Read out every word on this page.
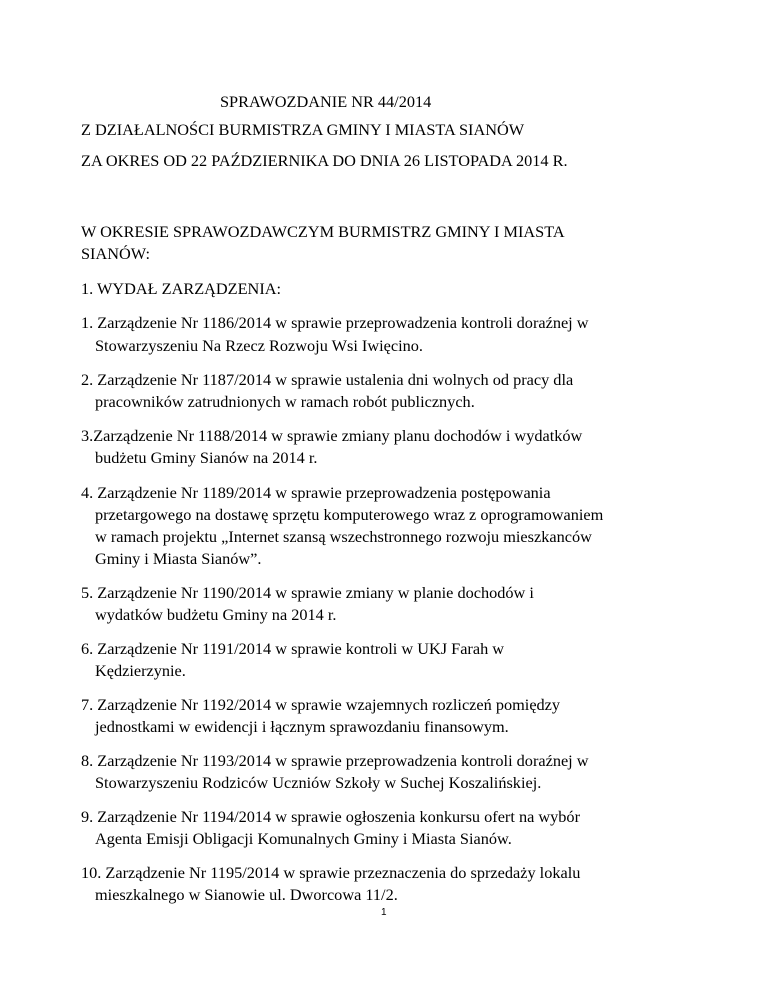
SPRAWOZDANIE NR 44/2014
Z DZIAŁALNOŚCI BURMISTRZA GMINY I MIASTA SIANÓW
ZA OKRES OD 22 PAŹDZIERNIKA DO DNIA 26 LISTOPADA 2014 R.
W OKRESIE SPRAWOZDAWCZYM BURMISTRZ GMINY I MIASTA
SIANÓW:
1. WYDAŁ ZARZĄDZENIA:
1. Zarządzenie Nr 1186/2014 w sprawie przeprowadzenia kontroli doraźnej w
Stowarzyszeniu Na Rzecz Rozwoju Wsi Iwięcino.
2. Zarządzenie Nr 1187/2014 w sprawie ustalenia dni wolnych od pracy dla
pracowników zatrudnionych w ramach robót publicznych.
3.Zarządzenie Nr 1188/2014 w sprawie zmiany planu dochodów i wydatków
budżetu Gminy Sianów na 2014 r.
4. Zarządzenie Nr 1189/2014 w sprawie przeprowadzenia postępowania
przetargowego na dostawę sprzętu komputerowego wraz z oprogramowaniem
w ramach projektu „Internet szansą wszechstronnego rozwoju mieszkanców
Gminy i Miasta Sianów”.
5. Zarządzenie Nr 1190/2014 w sprawie zmiany w planie dochodów i
wydatków budżetu Gminy na 2014 r.
6. Zarządzenie Nr 1191/2014 w sprawie kontroli w UKJ Farah w
Kędzierzynie.
7. Zarządzenie Nr 1192/2014 w sprawie wzajemnych rozliczeń pomiędzy
jednostkami w ewidencji i łącznym sprawozdaniu finansowym.
8. Zarządzenie Nr 1193/2014 w sprawie przeprowadzenia kontroli doraźnej w
Stowarzyszeniu Rodziców Uczniów Szkoły w Suchej Koszalińskiej.
9. Zarządzenie Nr 1194/2014 w sprawie ogłoszenia konkursu ofert na wybór
Agenta Emisji Obligacji Komunalnych Gminy i Miasta Sianów.
10. Zarządzenie Nr 1195/2014 w sprawie przeznaczenia do sprzedaży lokalu
mieszkalnego w Sianowie ul. Dworcowa 11/2.
1
